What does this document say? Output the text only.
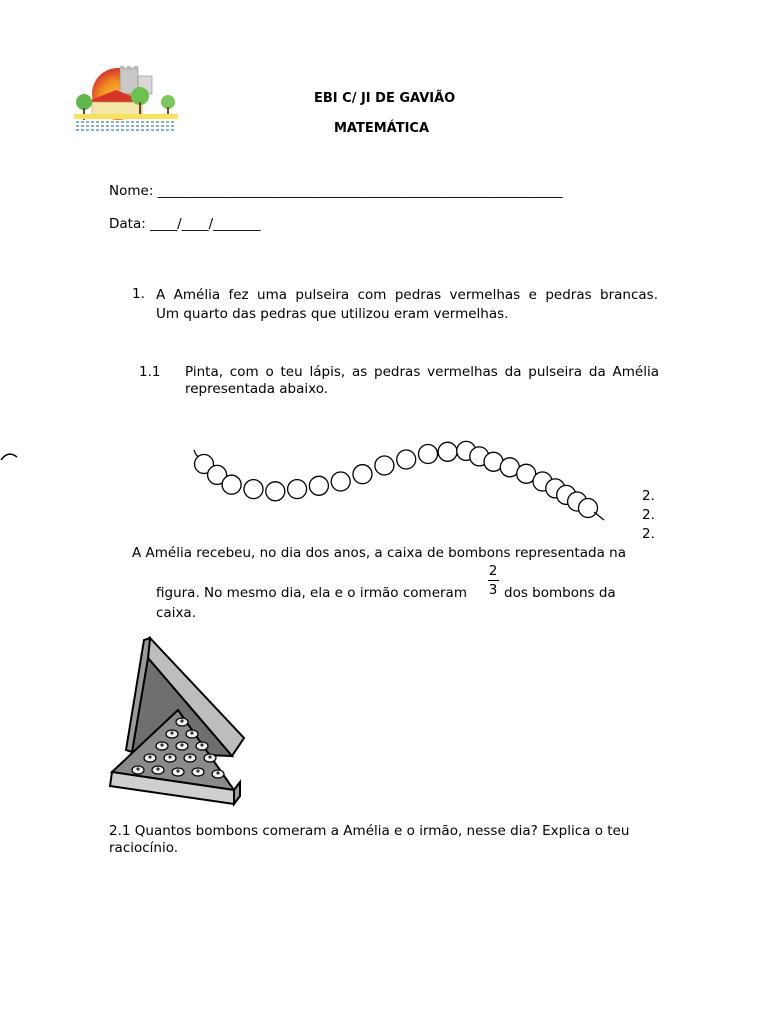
EBI C/ JI DE GAVIÃO
MATEMÁTICA
Nome: ____________________________________________________________
Data: ____/____/_______
1. A Amélia fez uma pulseira com pedras vermelhas e pedras brancas.
Um quarto das pedras que utilizou eram vermelhas.
1.1 Pinta, com o teu lápis, as pedras vermelhas da pulseira da Amélia
representada abaixo.
2.
2.
2.
A Amélia recebeu, no dia dos anos, a caixa de bombons representada na
figura. No mesmo dia, ela e o irmão comeram
2
3 dos bombons da
caixa.
2.1 Quantos bombons comeram a Amélia e o irmão, nesse dia? Explica o teu
raciocínio.
